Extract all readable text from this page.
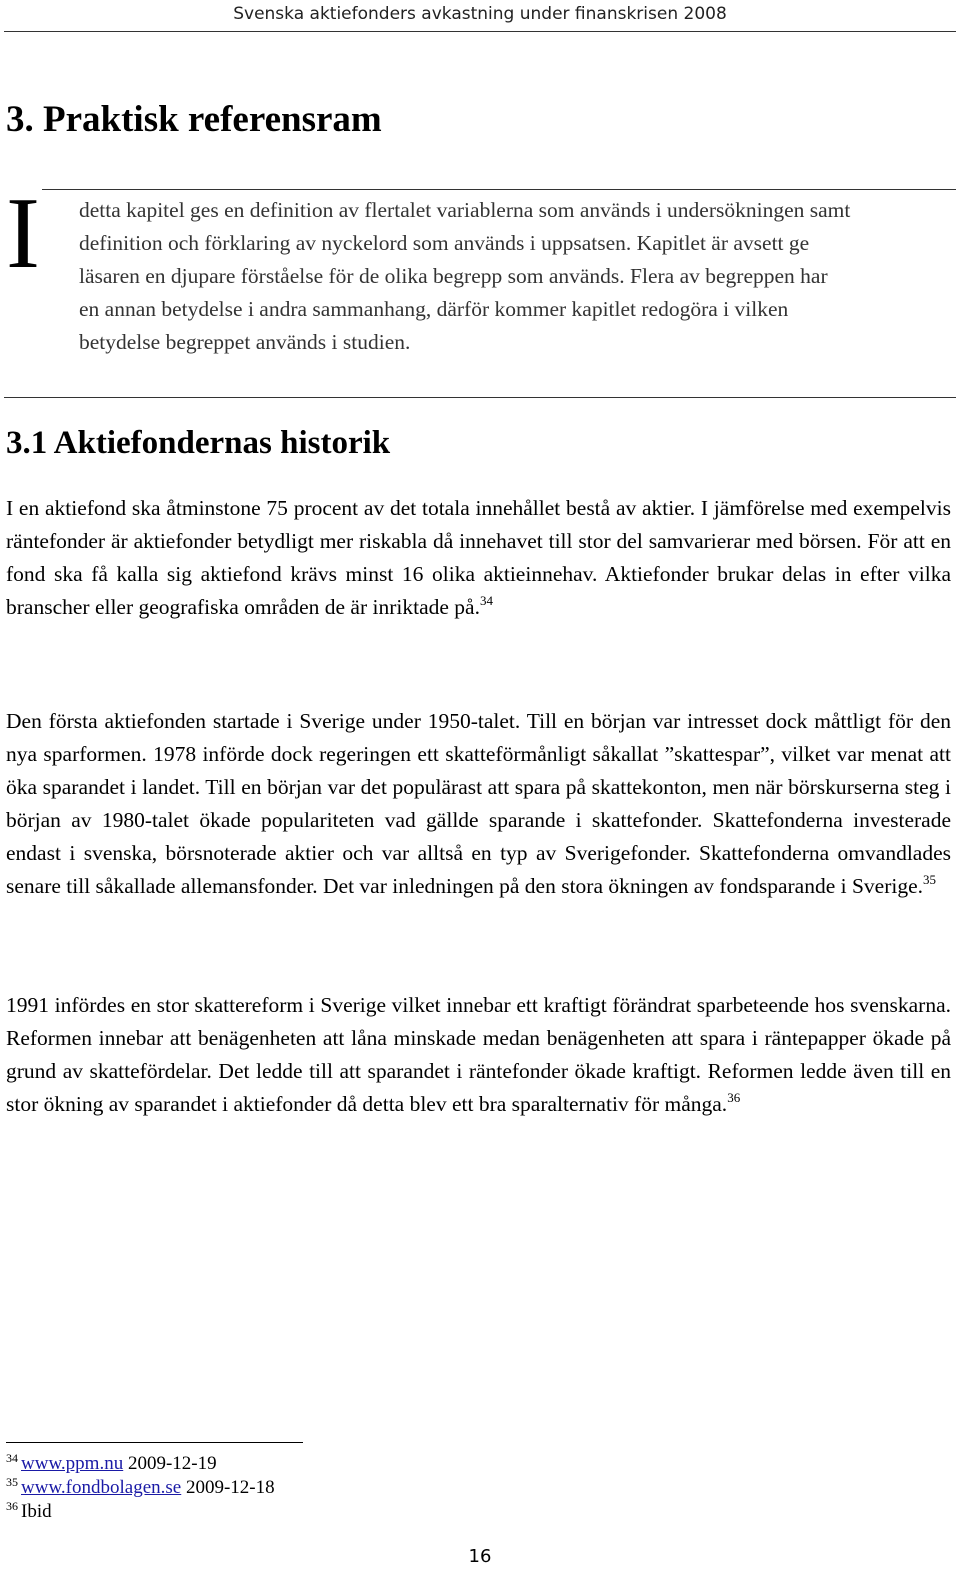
Svenska aktiefonders avkastning under finanskrisen 2008
3. Praktisk referensram
I detta kapitel ges en definition av flertalet variablerna som används i undersökningen samt
definition och förklaring av nyckelord som används i uppsatsen. Kapitlet är avsett ge
läsaren en djupare förståelse för de olika begrepp som används. Flera av begreppen har
en annan betydelse i andra sammanhang, därför kommer kapitlet redogöra i vilken
betydelse begreppet används i studien.
3.1 Aktiefondernas historik

I en aktiefond ska åtminstone 75 procent av det totala innehållet bestå av aktier. I jämförelse med exempelvis räntefonder är aktiefonder betydligt mer riskabla då innehavet till stor del samvarierar med börsen. För att en fond ska få kalla sig aktiefond krävs minst 16 olika aktieinnehav. Aktiefonder brukar delas in efter vilka branscher eller geografiska områden de är inriktade på.$^{34}$

Den första aktiefonden startade i Sverige under 1950-talet. Till en början var intresset dock måttligt för den nya sparformen. 1978 införde dock regeringen ett skatteförmånligt såkallat ”skattespar”, vilket var menat att öka sparandet i landet. Till en början var det populärast att spara på skattekonton, men när börskurserna steg i början av 1980-talet ökade populariteten vad gällde sparande i skattefonder. Skattefonderna investerade endast i svenska, börsnoterade aktier och var alltså en typ av Sverigefonder. Skattefonderna omvandlades senare till såkallade allemansfonder. Det var inledningen på den stora ökningen av fondsparande i Sverige.$^{35}$

1991 infördes en stor skattereform i Sverige vilket innebar ett kraftigt förändrat sparbeteende hos svenskarna. Reformen innebar att benägenheten att låna minskade medan benägenheten att spara i räntepapper ökade på grund av skattefördelar. Det ledde till att sparandet i räntefonder ökade kraftigt. Reformen ledde även till en stor ökning av sparandet i aktiefonder då detta blev ett bra sparalternativ för många.$^{36}$

$^{34}$ www.ppm.nu 2009-12-19
$^{35}$ www.fondbolagen.se 2009-12-18
$^{36}$ Ibid
16
